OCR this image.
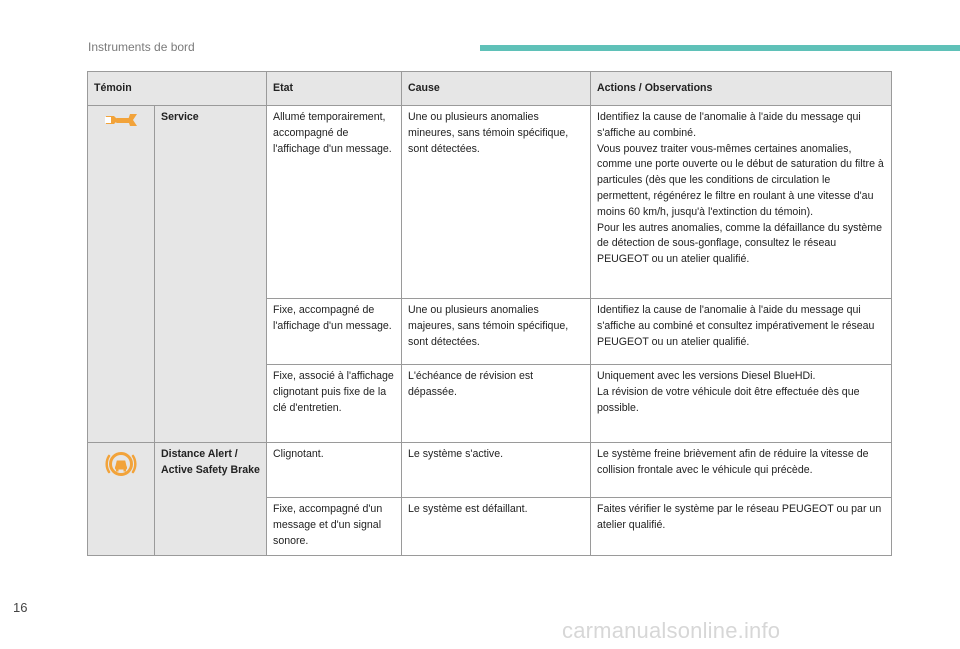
Instruments de bord
Témoin		Etat	Cause	Actions / Observations
	Service	Allumé temporairement, accompagné de l'affichage d'un message.	Une ou plusieurs anomalies mineures, sans témoin spécifique, sont détectées.	Identifiez la cause de l'anomalie à l'aide du message qui s'affiche au combiné.
Vous pouvez traiter vous-mêmes certaines anomalies, comme une porte ouverte ou le début de saturation du filtre à particules (dès que les conditions de circulation le permettent, régénérez le filtre en roulant à une vitesse d'au moins 60 km/h, jusqu'à l'extinction du témoin).
Pour les autres anomalies, comme la défaillance du système de détection de sous-gonflage, consultez le réseau PEUGEOT ou un atelier qualifié.

		Fixe, accompagné de l'affichage d'un message.	Une ou plusieurs anomalies majeures, sans témoin spécifique, sont détectées.	Identifiez la cause de l'anomalie à l'aide du message qui s'affiche au combiné et consultez impérativement le réseau PEUGEOT ou un atelier qualifié.

		Fixe, associé à l'affichage clignotant puis fixe de la clé d'entretien.	L'échéance de révision est dépassée.	Uniquement avec les versions Diesel BlueHDi.
La révision de votre véhicule doit être effectuée dès que possible.

	Distance Alert / Active Safety Brake	Clignotant.	Le système s'active.	Le système freine brièvement afin de réduire la vitesse de collision frontale avec le véhicule qui précède.

		Fixe, accompagné d'un message et d'un signal sonore.	Le système est défaillant.	Faites vérifier le système par le réseau PEUGEOT ou par un atelier qualifié.
16
carmanualsonline.info
